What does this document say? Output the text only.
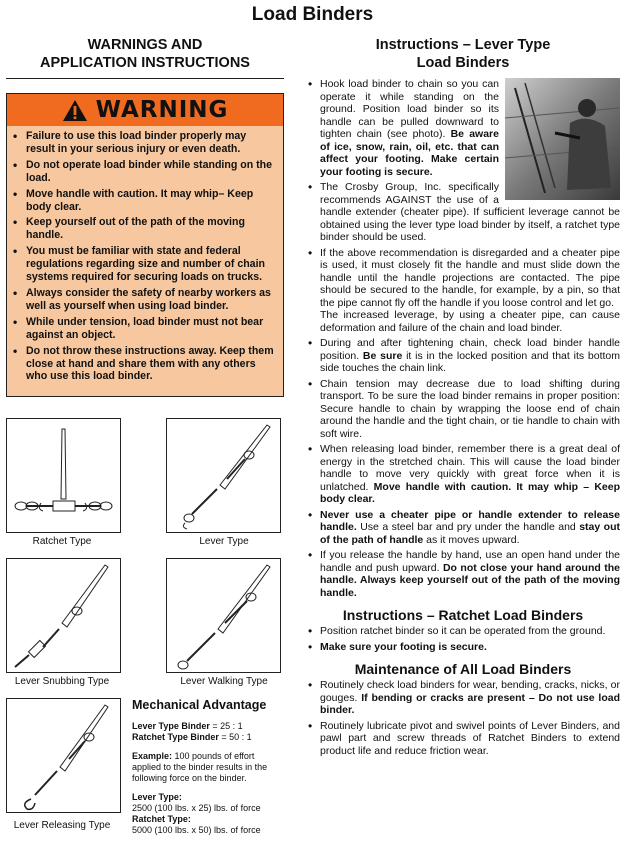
Load Binders

WARNINGS AND
APPLICATION INSTRUCTIONS

WARNING
• Failure to use this load binder properly may result in your serious injury or even death.
• Do not operate load binder while standing on the load.
• Move handle with caution. It may whip– Keep body clear.
• Keep yourself out of the path of the moving handle.
• You must be familiar with state and federal regulations regarding size and number of chain systems required for securing loads on trucks.
• Always consider the safety of nearby workers as well as yourself when using load binder.
• While under tension, load binder must not bear against an object.
• Do not throw these instructions away. Keep them close at hand and share them with any others who use this load binder.
Ratchet Type	Lever Type
Lever Snubbing Type	Lever Walking Type
Lever Releasing Type
Mechanical Advantage

Lever Type Binder = 25 : 1
Ratchet Type Binder = 50 : 1

Example: 100 pounds of effort applied to the binder results in the following force on the binder.

Lever Type:
2500 (100 lbs. x 25) lbs. of force
Ratchet Type:
5000 (100 lbs. x 50) lbs. of force

Instructions – Lever Type
Load Binders

• Hook load binder to chain so you can operate it while standing on the ground. Position load binder so its handle can be pulled downward to tighten chain (see photo). Be aware of ice, snow, rain, oil, etc. that can affect your footing. Make certain your footing is secure.
• The Crosby Group, Inc. specifically recommends AGAINST the use of a handle extender (cheater pipe). If sufficient leverage cannot be obtained using the lever type load binder by itself, a ratchet type binder should be used.
• If the above recommendation is disregarded and a cheater pipe is used, it must closely fit the handle and must slide down the handle until the handle projections are contacted. The pipe should be secured to the handle, for example, by a pin, so that the pipe cannot fly off the handle if you loose control and let go.
The increased leverage, by using a cheater pipe, can cause deformation and failure of the chain and load binder.
• During and after tightening chain, check load binder handle position. Be sure it is in the locked position and that its bottom side touches the chain link.
• Chain tension may decrease due to load shifting during transport. To be sure the load binder remains in proper position: Secure handle to chain by wrapping the loose end of chain around the handle and the tight chain, or tie handle to chain with soft wire.
• When releasing load binder, remember there is a great deal of energy in the stretched chain. This will cause the load binder handle to move very quickly with great force when it is unlatched. Move handle with caution. It may whip – Keep body clear.
• Never use a cheater pipe or handle extender to release handle. Use a steel bar and pry under the handle and stay out of the path of handle as it moves upward.
• If you release the handle by hand, use an open hand under the handle and push upward. Do not close your hand around the handle. Always keep yourself out of the path of the moving handle.

Instructions – Ratchet Load Binders

• Position ratchet binder so it can be operated from the ground.
• Make sure your footing is secure.

Maintenance of All Load Binders

• Routinely check load binders for wear, bending, cracks, nicks, or gouges. If bending or cracks are present – Do not use load binder.
• Routinely lubricate pivot and swivel points of Lever Binders, and pawl part and screw threads of Ratchet Binders to extend product life and reduce friction wear.
